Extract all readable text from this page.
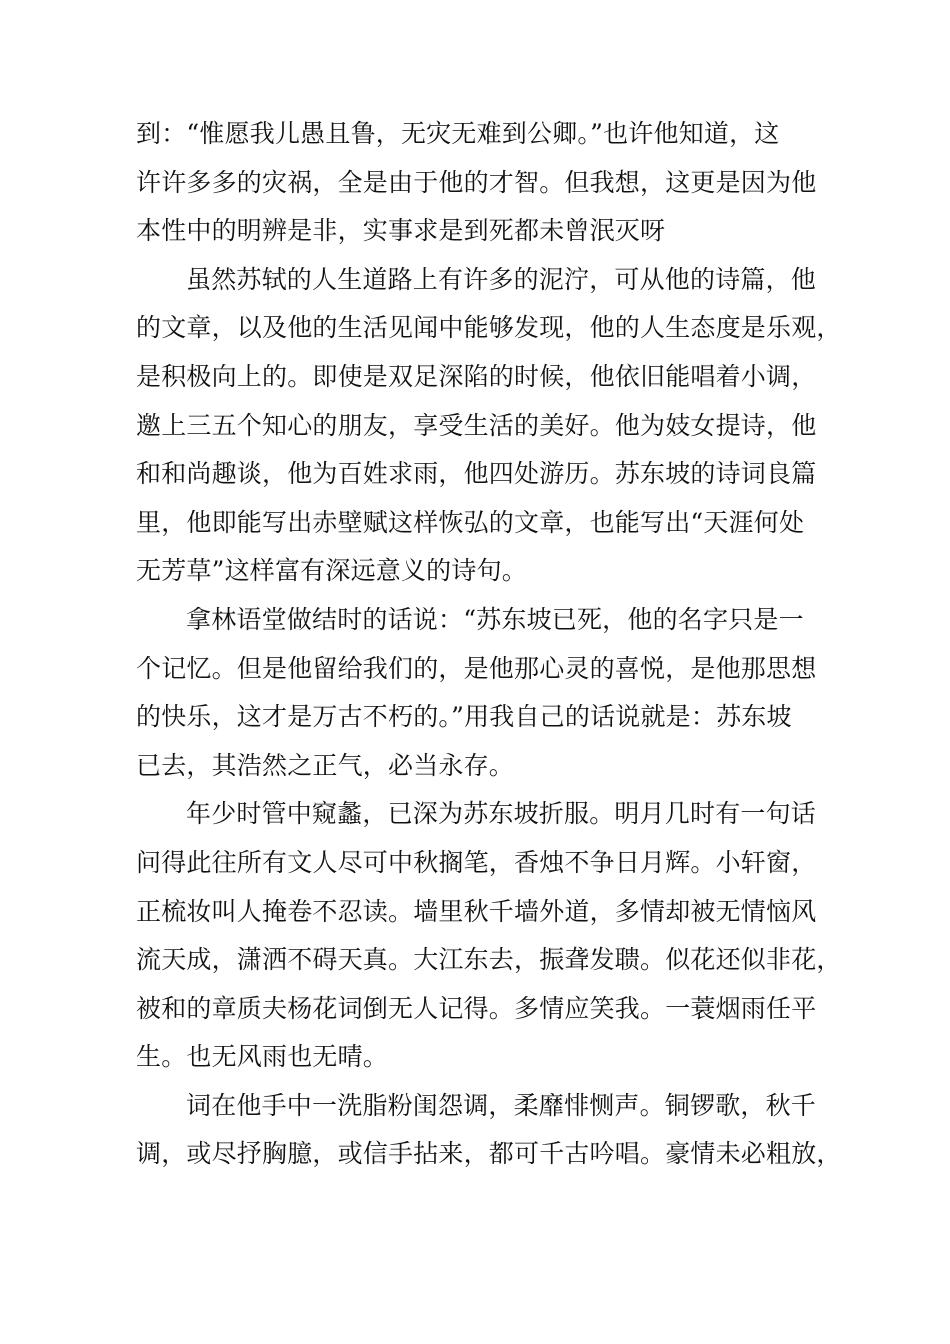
到：“惟愿我儿愚且鲁，无灾无难到公卿。”也许他知道，这
许许多多的灾祸，全是由于他的才智。但我想，这更是因为他
本性中的明辨是非，实事求是到死都未曾泯灭呀
虽然苏轼的人生道路上有许多的泥泞，可从他的诗篇，他
的文章，以及他的生活见闻中能够发现，他的人生态度是乐观，
是积极向上的。即使是双足深陷的时候，他依旧能唱着小调，
邀上三五个知心的朋友，享受生活的美好。他为妓女提诗，他
和和尚趣谈，他为百姓求雨，他四处游历。苏东坡的诗词良篇
里，他即能写出赤壁赋这样恢弘的文章，也能写出“天涯何处
无芳草”这样富有深远意义的诗句。
拿林语堂做结时的话说：“苏东坡已死，他的名字只是一
个记忆。但是他留给我们的，是他那心灵的喜悦，是他那思想
的快乐，这才是万古不朽的。”用我自己的话说就是：苏东坡
已去，其浩然之正气，必当永存。
年少时管中窥蠡，已深为苏东坡折服。明月几时有一句话
问得此往所有文人尽可中秋搁笔，香烛不争日月辉。小轩窗，
正梳妆叫人掩卷不忍读。墙里秋千墙外道，多情却被无情恼风
流天成，潇洒不碍天真。大江东去，振聋发聩。似花还似非花，
被和的章质夫杨花词倒无人记得。多情应笑我。一蓑烟雨任平
生。也无风雨也无晴。
词在他手中一洗脂粉闺怨调，柔靡悱恻声。铜锣歌，秋千
调，或尽抒胸臆，或信手拈来，都可千古吟唱。豪情未必粗放，
